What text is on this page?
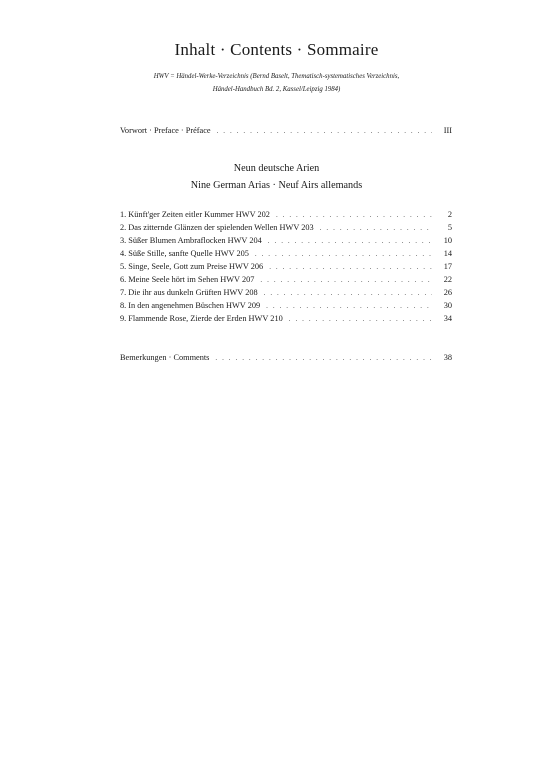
Inhalt · Contents · Sommaire
HWV = Händel-Werke-Verzeichnis (Bernd Baselt, Thematisch-systematisches Verzeichnis,
Händel-Handbuch Bd. 2, Kassel/Leipzig 1984)
Vorwort · Preface · Préface . . .	III
Neun deutsche Arien
Nine German Arias · Neuf Airs allemands
1. Künft'ger Zeiten eitler Kummer HWV 202 . . .	2
2. Das zitternde Glänzen der spielenden Wellen HWV 203 . . .	5
3. Süßer Blumen Ambraflocken HWV 204 . . .	10
4. Süße Stille, sanfte Quelle HWV 205 . . .	14
5. Singe, Seele, Gott zum Preise HWV 206 . . .	17
6. Meine Seele hört im Sehen HWV 207 . . .	22
7. Die ihr aus dunkeln Grüften HWV 208 . . .	26
8. In den angenehmen Büschen HWV 209 . . .	30
9. Flammende Rose, Zierde der Erden HWV 210 . . .	34
Bemerkungen · Comments . . .	38
